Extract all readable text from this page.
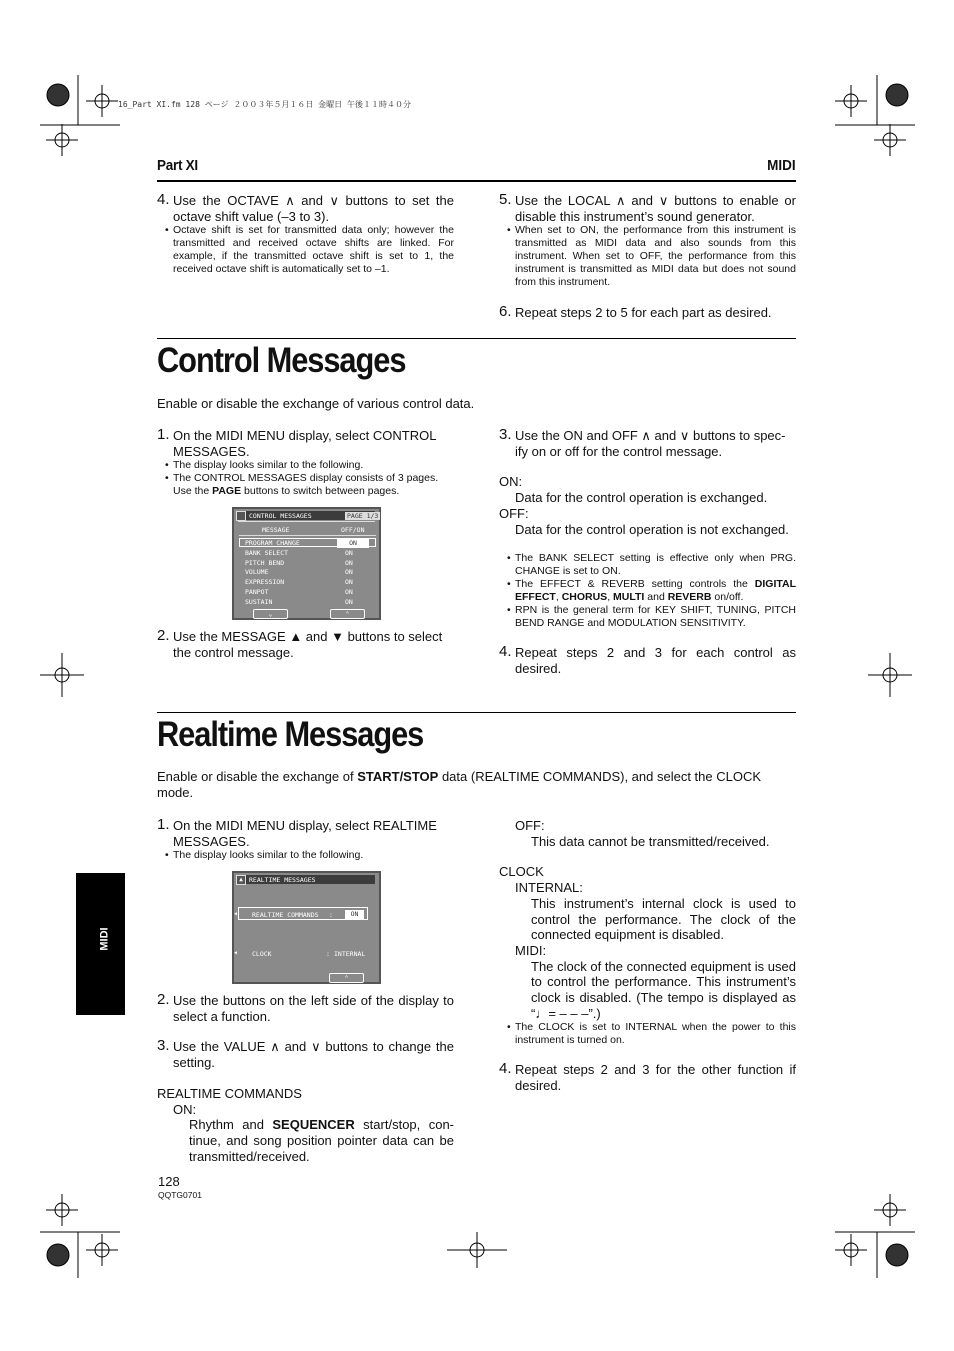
16_Part XI.fm 128 ページ ２００３年５月１６日 金曜日 午後１１時４０分
Part XI	MIDI
4. Use the OCTAVE ∧ and ∨ buttons to set the octave shift value (–3 to 3).
• Octave shift is set for transmitted data only; however the transmitted and received octave shifts are linked. For example, if the transmitted octave shift is set to 1, the received octave shift is automatically set to –1.
5. Use the LOCAL ∧ and ∨ buttons to enable or disable this instrument’s sound generator.
• When set to ON, the performance from this instrument is transmitted as MIDI data and also sounds from this instrument. When set to OFF, the performance from this instrument is transmitted as MIDI data but does not sound from this instrument.
6. Repeat steps 2 to 5 for each part as desired.
Control Messages
Enable or disable the exchange of various control data.
1. On the MIDI MENU display, select CONTROL MESSAGES.
• The display looks similar to the following.
• The CONTROL MESSAGES display consists of 3 pages. Use the PAGE buttons to switch between pages.
CONTROL MESSAGES	PAGE 1/3
MESSAGE	OFF/ON
PROGRAM CHANGE	ON
BANK SELECT	ON
PITCH BEND	ON
VOLUME	ON
EXPRESSION	ON
PANPOT	ON
SUSTAIN	ON
⌄	⌃
2. Use the MESSAGE ▲ and ▼ buttons to select the control message.
3. Use the ON and OFF ∧ and ∨ buttons to spec-ify on or off for the control message.
ON:
Data for the control operation is exchanged.
OFF:
Data for the control operation is not exchanged.
• The BANK SELECT setting is effective only when PRG. CHANGE is set to ON.
• The EFFECT & REVERB setting controls the DIGITAL EFFECT, CHORUS, MULTI and REVERB on/off.
• RPN is the general term for KEY SHIFT, TUNING, PITCH BEND RANGE and MODULATION SENSITIVITY.
4. Repeat steps 2 and 3 for each control as desired.
Realtime Messages
Enable or disable the exchange of START/STOP data (REALTIME COMMANDS), and select the CLOCK mode.
1. On the MIDI MENU display, select REALTIME MESSAGES.
• The display looks similar to the following.
▲ REALTIME MESSAGES
REALTIME COMMANDS :	ON
CLOCK	: INTERNAL
◀
◀
⌃
2. Use the buttons on the left side of the display to select a function.
3. Use the VALUE ∧ and ∨ buttons to change the setting.
REALTIME COMMANDS
ON:
Rhythm and SEQUENCER start/stop, con-tinue, and song position pointer data can be transmitted/received.
OFF:
This data cannot be transmitted/received.
CLOCK
INTERNAL:
This instrument’s internal clock is used to control the performance. The clock of the connected equipment is disabled.
MIDI:
The clock of the connected equipment is used to control the performance. This instrument’s clock is disabled. (The tempo is displayed as “♩= – – –”.)
• The CLOCK is set to INTERNAL when the power to this instrument is turned on.
4. Repeat steps 2 and 3 for the other function if desired.
MIDI
128
QQTG0701
